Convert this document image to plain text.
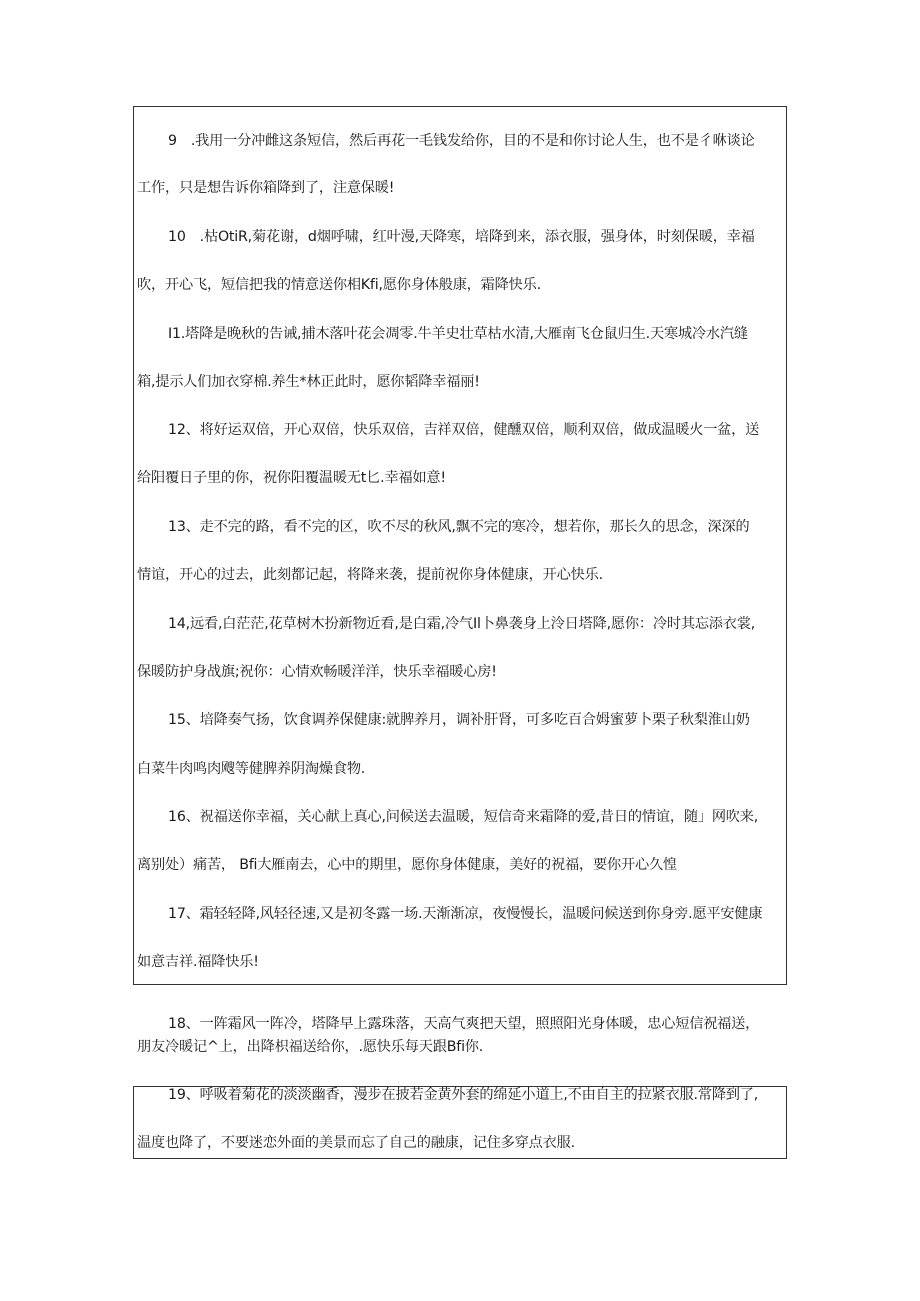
9　.我用一分冲雌这条短信，然后再花一毛钱发给你，目的不是和你讨论人生，也不是彳咻谈论
工作，只是想告诉你箱降到了，注意保暖!
10　.枯OtiR,菊花谢，d烟呼啸，红叶漫,天降寒，培降到来，添衣服，强身体，时刻保暖，幸福
吹，开心飞，短信把我的情意送你相Kfi,愿你身体般康，霜降快乐.
I1.塔降是晚秋的告诫,捕木落叶花会凋零.牛羊史壮草枯水清,大雁南飞仓鼠归生.天寒城冷水汽缝
箱,提示人们加衣穿棉.养生*林正此时，愿你韬降幸福丽!
12、将好运双倍，开心双倍，快乐双倍，吉祥双倍，健醺双倍，顺利双倍，做成温暖火一盆，送
给阳覆日子里的你，祝你阳覆温暖无t匕.幸福如意!
13、走不完的路，看不完的区，吹不尽的秋风,飘不完的寒冷，想若你，那长久的思念，深深的
情谊，开心的过去，此刻都记起，将降来袭，提前祝你身体健康，开心快乐.
14,远看,白茫茫,花草树木扮新物近看,是白霜,冷气Il卜鼻袭身上泠日塔降,愿你：冷时其忘添衣裳,
保暖防护身战旗;祝你：心情欢畅暖洋洋，快乐幸福暖心房!
15、培降奏气扬，饮食调养保健康:就脾养月，调补肝肾，可多吃百合姆蜜萝卜栗子秋梨淮山奶
白菜牛肉鸣肉飕等健脾养阴淘燥食物.
16、祝福送你幸福，关心献上真心,问候送去温暖，短信奇来霜降的爱,昔日的情谊，随」网吹来,
离别处）痛苦， Bfi大雁南去，心中的期里，愿你身体健康，美好的祝福，要你开心久惶
17、霜轻轻降,风轻径速,又是初冬露一场.天渐渐凉，夜慢慢长，温暖问候送到你身旁.愿平安健康
如意吉祥.福降快乐!
18、一阵霜风一阵冷，塔降早上露珠落，天高气爽把天望，照照阳光身体暖，忠心短信祝福送，
朋友冷暖记^上，出降枳福送给你，.愿快乐每天跟Bfi你.
19、呼吸着菊花的淡淡幽香，漫步在披若金黄外套的绵延小道上,不由自主的拉紧衣服.常降到了,
温度也降了，不要迷恋外面的美景而忘了自己的融康，记住多穿点衣服.
